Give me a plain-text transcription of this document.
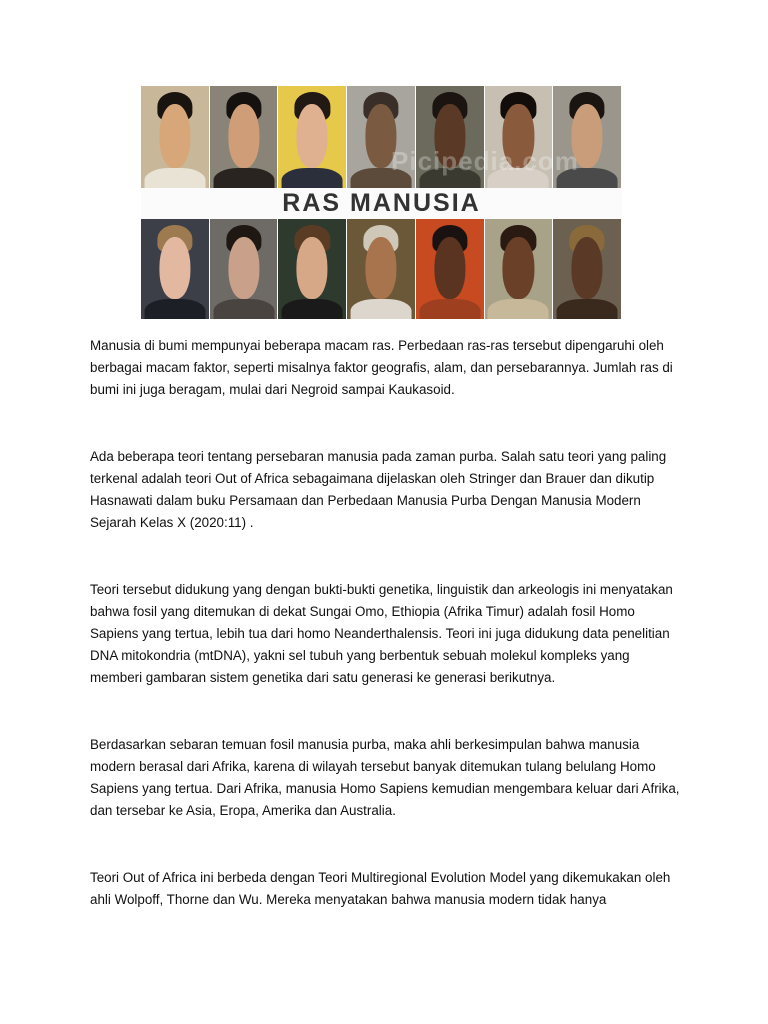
Picipedia.com
RAS MANUSIA

Manusia di bumi mempunyai beberapa macam ras. Perbedaan ras-ras tersebut dipengaruhi oleh berbagai macam faktor, seperti misalnya faktor geografis, alam, dan persebarannya. Jumlah ras di bumi ini juga beragam, mulai dari Negroid sampai Kaukasoid.

Ada beberapa teori tentang persebaran manusia pada zaman purba. Salah satu teori yang paling terkenal adalah teori Out of Africa sebagaimana dijelaskan oleh Stringer dan Brauer dan dikutip Hasnawati dalam buku Persamaan dan Perbedaan Manusia Purba Dengan Manusia Modern Sejarah Kelas X (2020:11) .

Teori tersebut didukung yang dengan bukti-bukti genetika, linguistik dan arkeologis ini menyatakan bahwa fosil yang ditemukan di dekat Sungai Omo, Ethiopia (Afrika Timur) adalah fosil Homo Sapiens yang tertua, lebih tua dari homo Neanderthalensis. Teori ini juga didukung data penelitian DNA mitokondria (mtDNA), yakni sel tubuh yang berbentuk sebuah molekul kompleks yang memberi gambaran sistem genetika dari satu generasi ke generasi berikutnya.

Berdasarkan sebaran temuan fosil manusia purba, maka ahli berkesimpulan bahwa manusia modern berasal dari Afrika, karena di wilayah tersebut banyak ditemukan tulang belulang Homo Sapiens yang tertua. Dari Afrika, manusia Homo Sapiens kemudian mengembara keluar dari Afrika, dan tersebar ke Asia, Eropa, Amerika dan Australia.

Teori Out of Africa ini berbeda dengan Teori Multiregional Evolution Model yang dikemukakan oleh ahli Wolpoff, Thorne dan Wu. Mereka menyatakan bahwa manusia modern tidak hanya
